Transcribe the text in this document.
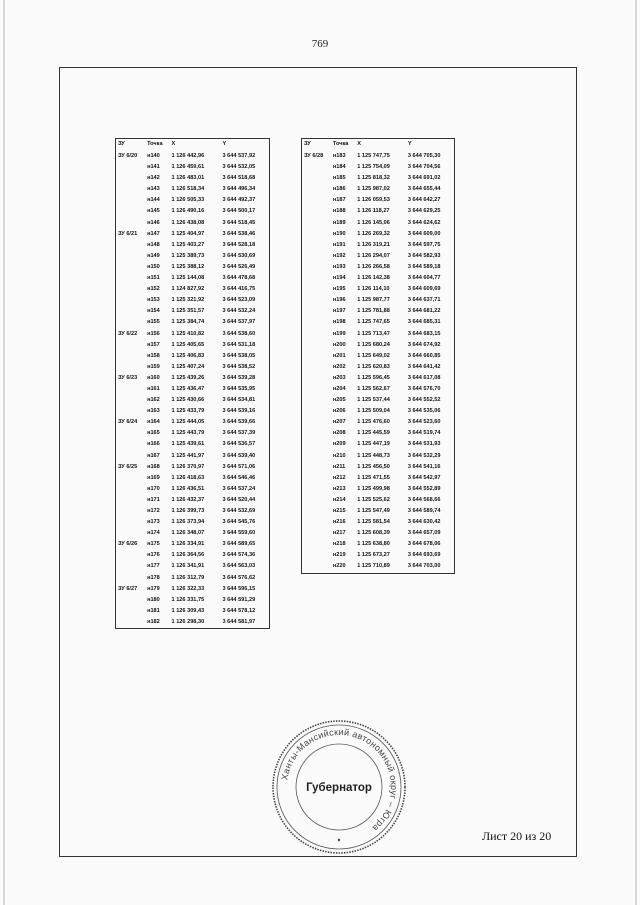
769
ЗУ	Точка	X	Y
ЗУ 6/20	н140	1 126 442,96	3 644 537,92
	н141	1 126 459,61	3 644 532,05
	н142	1 126 483,01	3 644 518,68
	н143	1 126 518,34	3 644 496,34
	н144	1 126 505,33	3 644 492,37
	н145	1 126 490,16	3 644 500,17
	н146	1 126 438,08	3 644 518,45
ЗУ 6/21	н147	1 125 404,97	3 644 538,46
	н148	1 125 403,27	3 644 528,18
	н149	1 125 389,73	3 644 530,69
	н150	1 125 388,12	3 644 526,49
	н151	1 125 144,08	3 644 478,68
	н152	1 124 827,92	3 644 416,75
	н153	1 125 321,92	3 644 523,09
	н154	1 125 351,57	3 644 532,24
	н155	1 125 384,74	3 644 537,97
ЗУ 6/22	н156	1 125 410,82	3 644 538,60
	н157	1 125 405,65	3 644 531,18
	н158	1 125 406,83	3 644 538,05
	н159	1 125 407,24	3 644 538,52
ЗУ 6/23	н160	1 125 439,26	3 644 539,28
	н161	1 125 436,47	3 644 535,95
	н162	1 125 430,66	3 644 534,81
	н163	1 125 433,79	3 644 539,16
ЗУ 6/24	н164	1 125 444,05	3 644 539,66
	н165	1 125 443,79	3 644 537,39
	н166	1 125 439,61	3 644 536,57
	н167	1 125 441,97	3 644 539,40
ЗУ 6/25	н168	1 126 370,97	3 644 571,06
	н169	1 126 418,63	3 644 546,46
	н170	1 126 436,51	3 644 537,24
	н171	1 126 432,37	3 644 520,44
	н172	1 126 399,73	3 644 532,69
	н173	1 126 373,94	3 644 545,76
	н174	1 126 348,07	3 644 559,60
ЗУ 6/26	н175	1 126 334,91	3 644 589,65
	н176	1 126 364,56	3 644 574,36
	н177	1 126 341,91	3 644 563,03
	н178	1 126 312,79	3 644 576,62
ЗУ 6/27	н179	1 126 322,33	3 644 596,15
	н180	1 126 331,75	3 644 591,29
	н181	1 126 309,43	3 644 578,12
	н182	1 126 298,30	3 644 581,97
ЗУ	Точка	X	Y
ЗУ 6/28	н183	1 125 747,75	3 644 705,30
	н184	1 125 754,09	3 644 704,56
	н185	1 125 818,32	3 644 691,02
	н186	1 125 987,02	3 644 655,44
	н187	1 126 059,53	3 644 642,27
	н188	1 126 118,27	3 644 629,25
	н189	1 126 145,06	3 644 624,62
	н190	1 126 269,32	3 644 609,00
	н191	1 126 319,21	3 644 597,75
	н192	1 126 294,07	3 644 582,93
	н193	1 126 266,58	3 644 589,18
	н194	1 126 142,38	3 644 604,77
	н195	1 126 114,10	3 644 609,69
	н196	1 125 987,77	3 644 637,71
	н197	1 125 781,88	3 644 681,22
	н198	1 125 747,65	3 644 685,31
	н199	1 125 713,47	3 644 683,15
	н200	1 125 680,24	3 644 674,92
	н201	1 125 649,02	3 644 660,85
	н202	1 125 620,83	3 644 641,42
	н203	1 125 596,45	3 644 617,08
	н204	1 125 562,67	3 644 576,70
	н205	1 125 537,44	3 644 552,52
	н206	1 125 509,04	3 644 535,06
	н207	1 125 476,60	3 644 523,60
	н208	1 125 445,59	3 644 519,74
	н209	1 125 447,19	3 644 531,93
	н210	1 125 448,73	3 644 532,29
	н211	1 125 456,50	3 644 541,16
	н212	1 125 471,55	3 644 542,97
	н213	1 125 499,98	3 644 552,89
	н214	1 125 525,62	3 644 568,66
	н215	1 125 547,49	3 644 589,74
	н216	1 125 581,54	3 644 630,42
	н217	1 125 608,39	3 644 657,09
	н218	1 125 638,80	3 644 678,06
	н219	1 125 673,27	3 644 693,69
	н220	1 125 710,89	3 644 703,00
Ханты-Мансийский автономный округ – Югра
Губернатор
Лист 20 из 20
